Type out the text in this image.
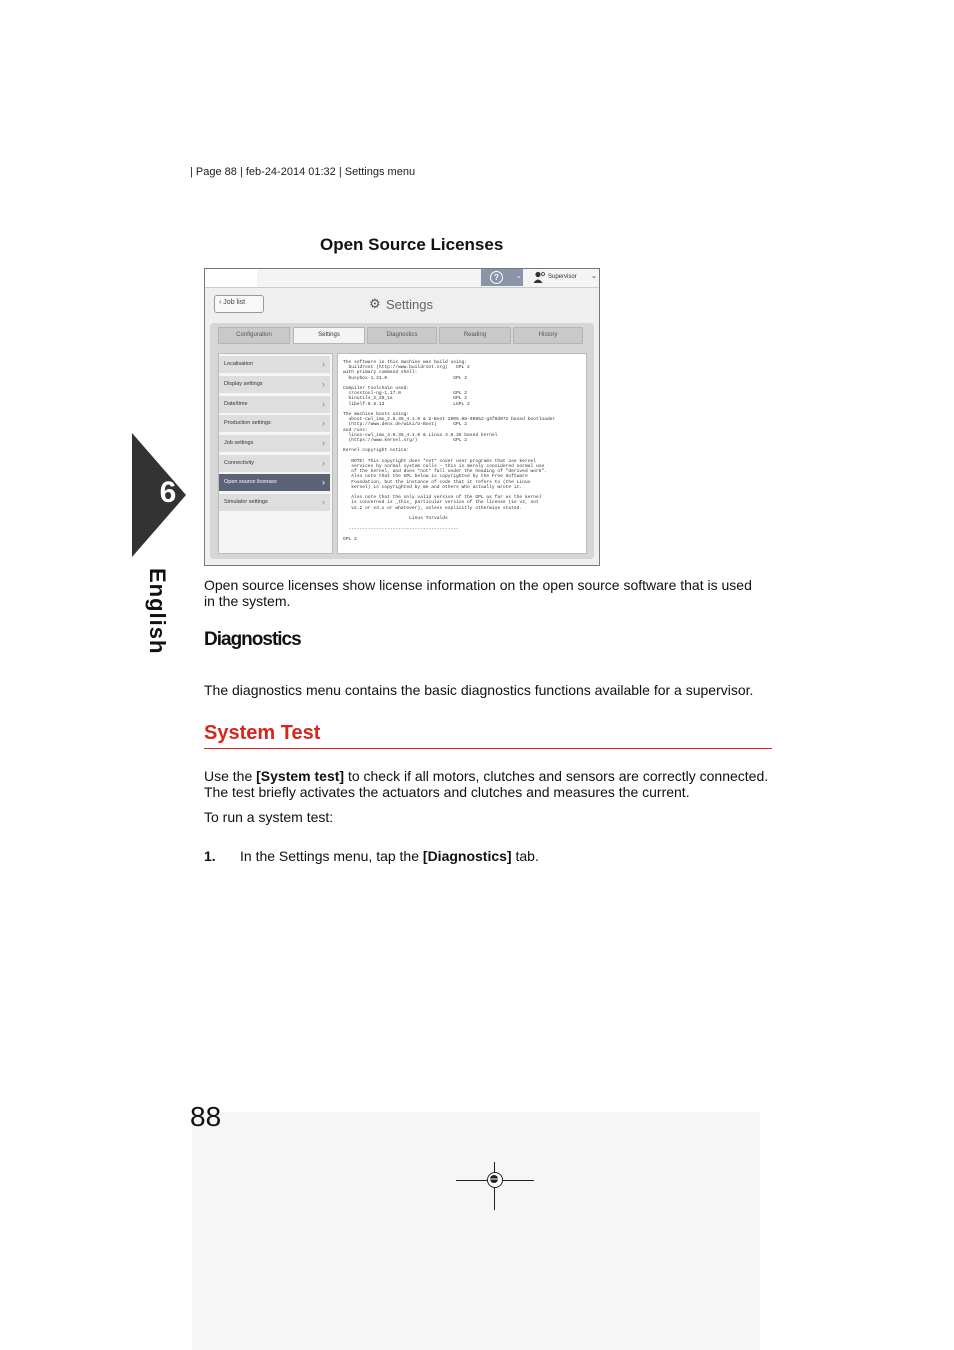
| Page 88 | feb-24-2014 01:32 | Settings menu
Open Source Licenses
6
English
?	⌄	Supervisor ⌄
‹ Job list	⚙ Settings
Configuration	Settings	Diagnostics	Reading	History
Localisation	›
Display settings	›
Date/time	›
Production settings	›
Job settings	›
Connectivity	›
Open source licenses	›
Simulator settings	›
The software in this machine was build using:
buildroot (http://www.buildroot.org)   GPL 2
with primary command shell:
busybox-1.21.0                        GPL 2

Compiler toolchain used:
crosstool-ng-1.17.0                   GPL 2
binutils_2_20_1a                      GPL 2
libelf-0.8.13                         LGPL 2

The machine boots using:
uboot-cwl_imx_2.6.35_4.1.0 & U-Boot 2009.08-00852-g4f0d072 based bootloader
(http://www.denx.de/wiki/U-Boot)      GPL 2
and runs:
linux-cwl_imx_3.0.35_4.1.0 & Linux 3.0.35 based kernel
(https://www.kernel.org/)             GPL 2

Kernel copyright notice:

NOTE! This copyright does *not* cover user programs that use kernel
services by normal system calls - this is merely considered normal use
of the kernel, and does *not* fall under the heading of "derived work".
Also note that the GPL below is copyrighted by the Free Software
Foundation, but the instance of code that it refers to (the Linux
kernel) is copyrighted by me and others who actually wrote it.

Also note that the only valid version of the GPL as far as the kernel
is concerned is _this_ particular version of the license (ie v2, not
v2.2 or v3.x or whatever), unless explicitly otherwise stated.

Linus Torvalds

----------------------------------------

GPL 2
Open source licenses show license information on the open source software that is used
in the system.
Diagnostics
The diagnostics menu contains the basic diagnostics functions available for a supervisor.
System Test
Use the [System test] to check if all motors, clutches and sensors are correctly connected.
The test briefly activates the actuators and clutches and measures the current.
To run a system test:
1. In the Settings menu, tap the [Diagnostics] tab.
88
